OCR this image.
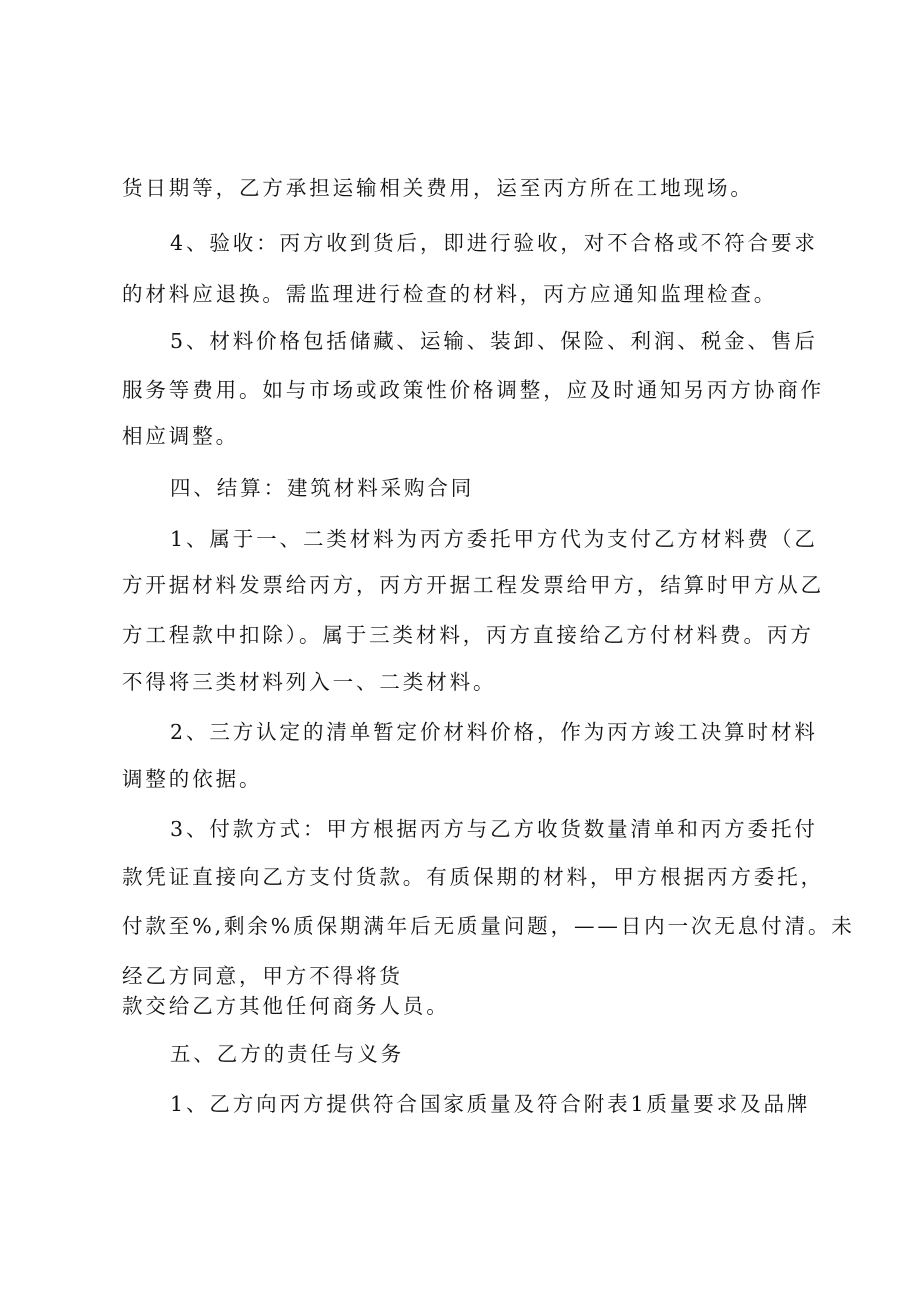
货日期等，乙方承担运输相关费用，运至丙方所在工地现场。
4、验收：丙方收到货后，即进行验收，对不合格或不符合要求
的材料应退换。需监理进行检查的材料，丙方应通知监理检查。
5、材料价格包括储藏、运输、装卸、保险、利润、税金、售后
服务等费用。如与市场或政策性价格调整，应及时通知另丙方协商作
相应调整。
四、结算：建筑材料采购合同
1、属于一、二类材料为丙方委托甲方代为支付乙方材料费（乙
方开据材料发票给丙方，丙方开据工程发票给甲方，结算时甲方从乙
方工程款中扣除）。属于三类材料，丙方直接给乙方付材料费。丙方
不得将三类材料列入一、二类材料。
2、三方认定的清单暂定价材料价格，作为丙方竣工决算时材料
调整的依据。
3、付款方式：甲方根据丙方与乙方收货数量清单和丙方委托付
款凭证直接向乙方支付货款。有质保期的材料，甲方根据丙方委托，
付款至%,剩余%质保期满年后无质量问题，——日内一次无息付清。未
经乙方同意，甲方不得将货
款交给乙方其他任何商务人员。
五、乙方的责任与义务
1、乙方向丙方提供符合国家质量及符合附表1质量要求及品牌
